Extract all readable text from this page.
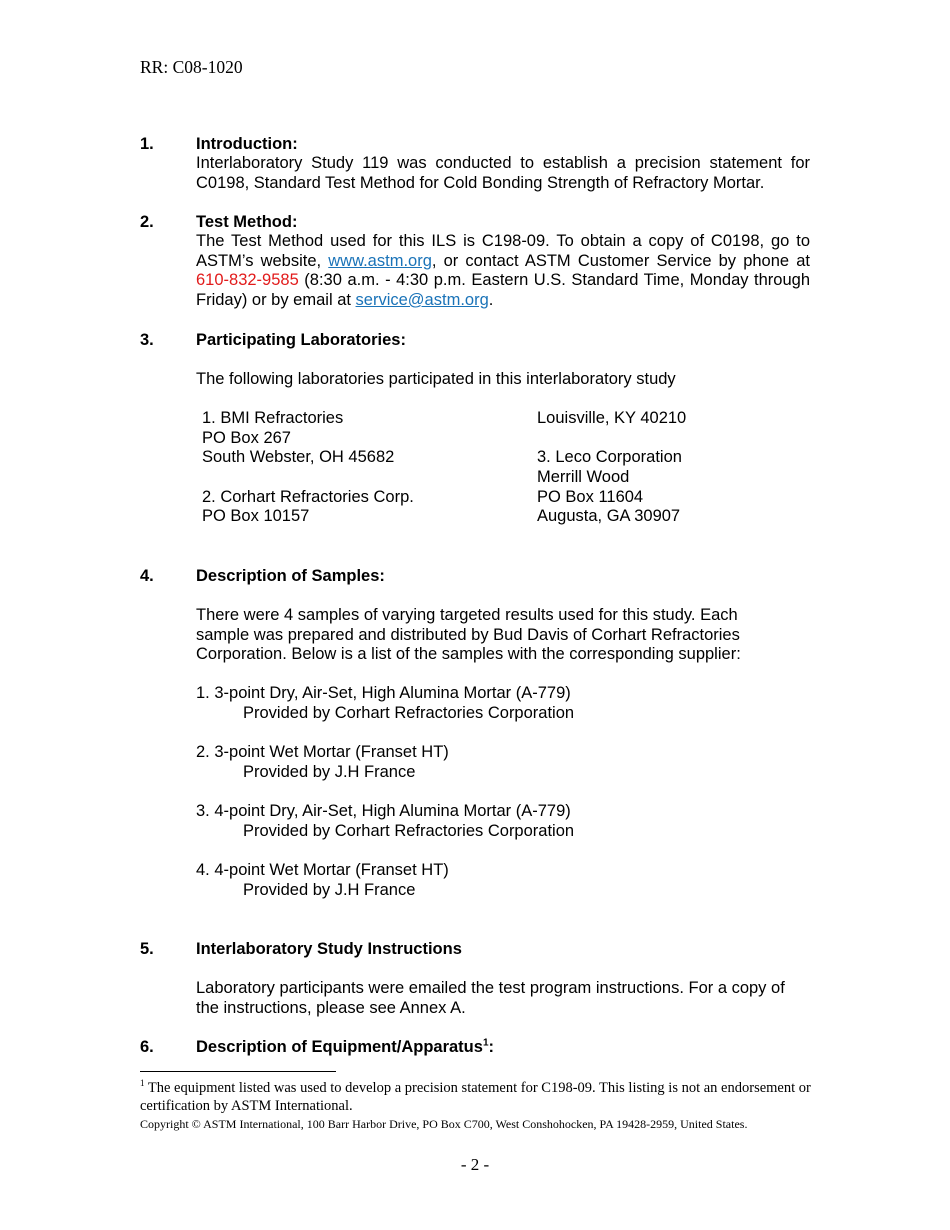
RR: C08-1020
1.	Introduction:
Interlaboratory Study 119 was conducted to establish a precision statement for C0198, Standard Test Method for Cold Bonding Strength of Refractory Mortar.
2.	Test Method:
The Test Method used for this ILS is C198-09. To obtain a copy of C0198, go to ASTM’s website, www.astm.org, or contact ASTM Customer Service by phone at 610-832-9585 (8:30 a.m. - 4:30 p.m. Eastern U.S. Standard Time, Monday through Friday) or by email at service@astm.org.
3.	Participating Laboratories:
The following laboratories participated in this interlaboratory study
1. BMI Refractories
PO Box 267
South Webster, OH 45682
2. Corhart Refractories Corp.
PO Box 10157
Louisville, KY 40210
3. Leco Corporation
Merrill Wood
PO Box 11604
Augusta, GA 30907
4.	Description of Samples:
There were 4 samples of varying targeted results used for this study. Each
sample was prepared and distributed by Bud Davis of Corhart Refractories
Corporation. Below is a list of the samples with the corresponding supplier:
1. 3-point Dry, Air-Set, High Alumina Mortar (A-779)
Provided by Corhart Refractories Corporation
2. 3-point Wet Mortar (Franset HT)
Provided by J.H France
3. 4-point Dry, Air-Set, High Alumina Mortar (A-779)
Provided by Corhart Refractories Corporation
4. 4-point Wet Mortar (Franset HT)
Provided by J.H France
5.	Interlaboratory Study Instructions
Laboratory participants were emailed the test program instructions. For a copy of
the instructions, please see Annex A.
6.	Description of Equipment/Apparatus$^1$:
$^1$ The equipment listed was used to develop a precision statement for C198-09. This listing is not an endorsement or certification by ASTM International.
Copyright © ASTM International, 100 Barr Harbor Drive, PO Box C700, West Conshohocken, PA 19428-2959, United States.
- 2 -
